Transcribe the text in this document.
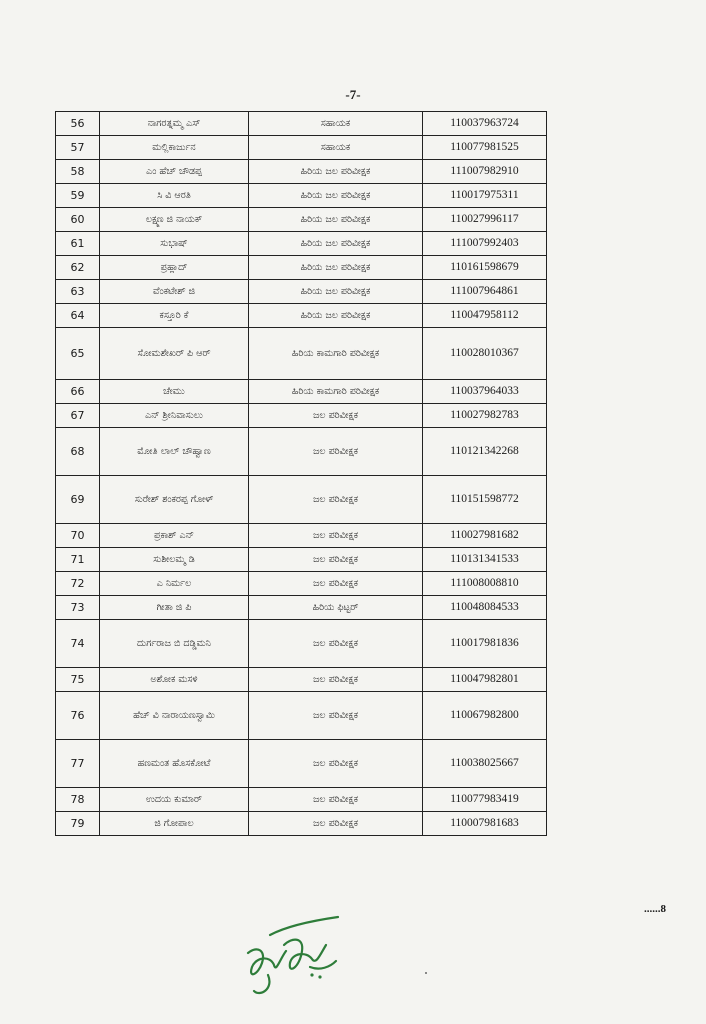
-7-
56	ನಾಗರತ್ನಮ್ಮ ಎಸ್	ಸಹಾಯಕ	110037963724
57	ಮಲ್ಲಿಕಾರ್ಜುನ	ಸಹಾಯಕ	110077981525
58	ಎಂ ಹೆಚ್ ಚೌಡಪ್ಪ	ಹಿರಿಯ ಜಲ ಪರಿವೀಕ್ಷಕ	111007982910
59	ಸಿ ವಿ ಆರತಿ	ಹಿರಿಯ ಜಲ ಪರಿವೀಕ್ಷಕ	110017975311
60	ಲಕ್ಷ್ಮಣ ಜಿ ನಾಯಕ್	ಹಿರಿಯ ಜಲ ಪರಿವೀಕ್ಷಕ	110027996117
61	ಸುಭಾಷ್	ಹಿರಿಯ ಜಲ ಪರಿವೀಕ್ಷಕ	111007992403
62	ಪ್ರಹ್ಲಾದ್	ಹಿರಿಯ ಜಲ ಪರಿವೀಕ್ಷಕ	110161598679
63	ವೆಂಕಟೇಶ್ ಜಿ	ಹಿರಿಯ ಜಲ ಪರಿವೀಕ್ಷಕ	111007964861
64	ಕಸ್ತೂರಿ ಕೆ	ಹಿರಿಯ ಜಲ ಪರಿವೀಕ್ಷಕ	110047958112
65	ಸೋಮಶೇಖರ್ ಪಿ ಆರ್	ಹಿರಿಯ ಕಾಮಗಾರಿ ಪರಿವೀಕ್ಷಕ	110028010367
66	ಚೇಮು	ಹಿರಿಯ ಕಾಮಗಾರಿ ಪರಿವೀಕ್ಷಕ	110037964033
67	ಎನ್ ಶ್ರೀನಿವಾಸುಲು	ಜಲ ಪರಿವೀಕ್ಷಕ	110027982783
68	ಮೋತಿ ಲಾಲ್ ಚೌಹ್ವಾಣ	ಜಲ ಪರಿವೀಕ್ಷಕ	110121342268
69	ಸುರೇಶ್ ಶಂಕರಪ್ಪ ಗೋಳ್	ಜಲ ಪರಿವೀಕ್ಷಕ	110151598772
70	ಪ್ರಕಾಶ್ ಎನ್	ಜಲ ಪರಿವೀಕ್ಷಕ	110027981682
71	ಸುಶೀಲಮ್ಮ ಡಿ	ಜಲ ಪರಿವೀಕ್ಷಕ	110131341533
72	ಎ ನಿರ್ಮಲ	ಜಲ ಪರಿವೀಕ್ಷಕ	111008008810
73	ಗೀತಾ ಜಿ ಪಿ	ಹಿರಿಯ ಫಿಟ್ಟರ್	110048084533
74	ದುರ್ಗರಾಜ ಬಿ ದಡ್ಡಿಮನಿ	ಜಲ ಪರಿವೀಕ್ಷಕ	110017981836
75	ಅಶೋಕ ಮಸಳಿ	ಜಲ ಪರಿವೀಕ್ಷಕ	110047982801
76	ಹೆಚ್ ವಿ ನಾರಾಯಣಸ್ವಾಮಿ	ಜಲ ಪರಿವೀಕ್ಷಕ	110067982800
77	ಹಣಮಂತ ಹೊಸಕೋಟೆ	ಜಲ ಪರಿವೀಕ್ಷಕ	110038025667
78	ಉದಯ ಕುಮಾರ್	ಜಲ ಪರಿವೀಕ್ಷಕ	110077983419
79	ಜಿ ಗೋಪಾಲ	ಜಲ ಪರಿವೀಕ್ಷಕ	110007981683
......8
